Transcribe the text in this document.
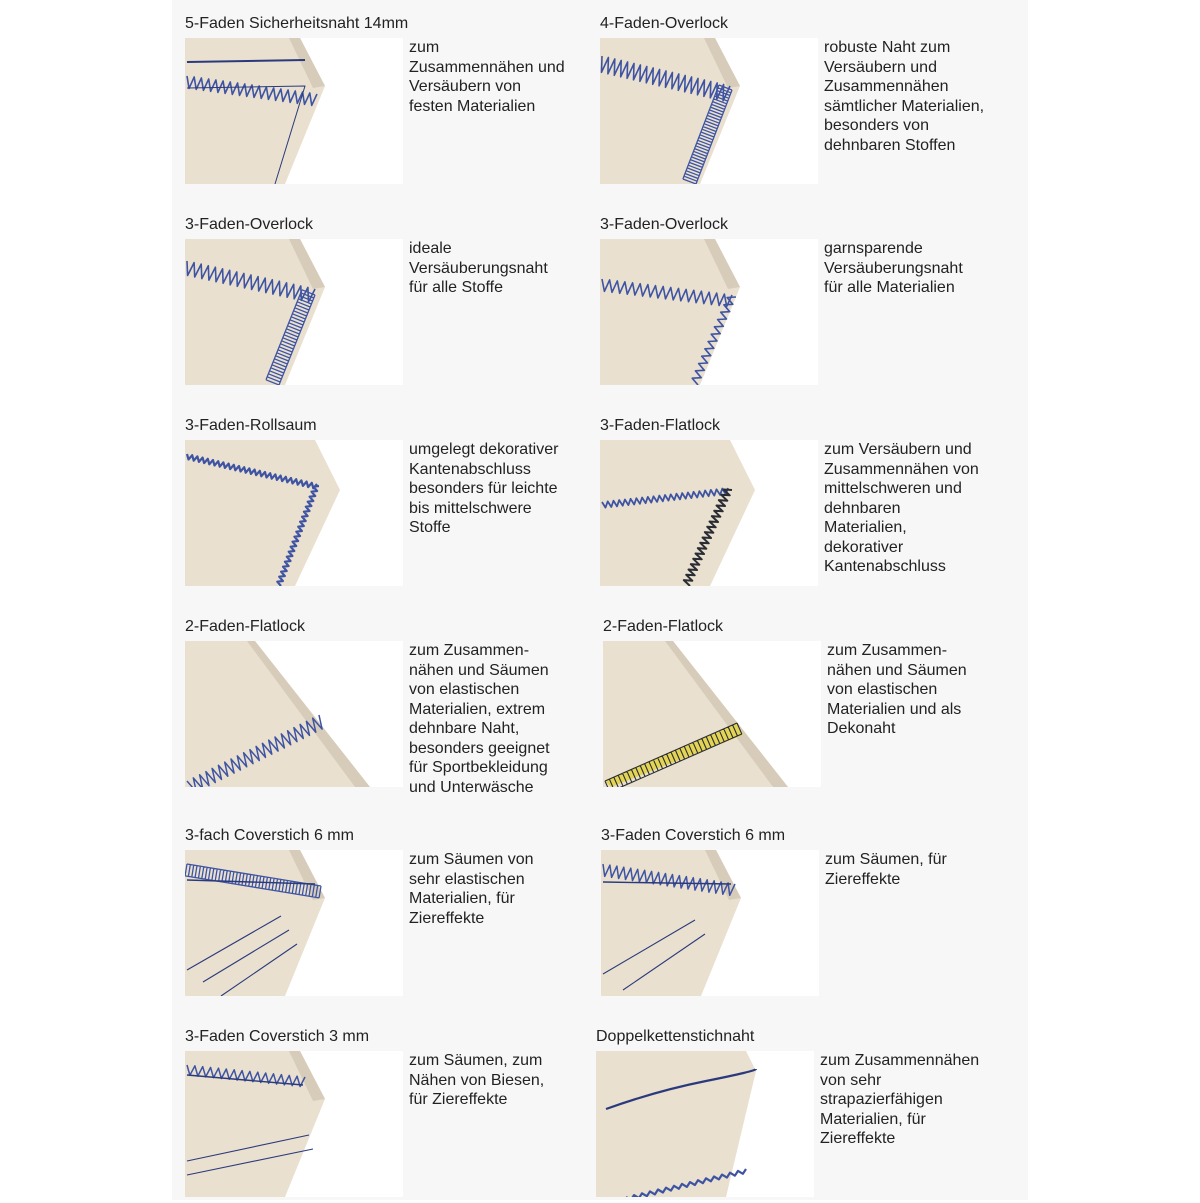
5-Faden Sicherheitsnaht 14mm
zum
Zusammennähen und
Versäubern von
festen Materialien
4-Faden-Overlock
robuste Naht zum
Versäubern und
Zusammennähen
sämtlicher Materialien,
besonders von
dehnbaren Stoffen
3-Faden-Overlock
ideale
Versäuberungsnaht
für alle Stoffe
3-Faden-Overlock
garnsparende
Versäuberungsnaht
für alle Materialien
3-Faden-Rollsaum
umgelegt dekorativer
Kantenabschluss
besonders für leichte
bis mittelschwere
Stoffe
3-Faden-Flatlock
zum Versäubern und
Zusammennähen von
mittelschweren und
dehnbaren
Materialien,
dekorativer
Kantenabschluss
2-Faden-Flatlock
zum Zusammen-
nähen und Säumen
von elastischen
Materialien, extrem
dehnbare Naht,
besonders geeignet
für Sportbekleidung
und Unterwäsche
2-Faden-Flatlock
zum Zusammen-
nähen und Säumen
von elastischen
Materialien und als
Dekonaht
3-fach Coverstich 6 mm
zum Säumen von
sehr elastischen
Materialien, für
Ziereffekte
3-Faden Coverstich 6 mm
zum Säumen, für
Ziereffekte
3-Faden Coverstich 3 mm
zum Säumen, zum
Nähen von Biesen,
für Ziereffekte
Doppelkettenstichnaht
zum Zusammennähen
von sehr
strapazierfähigen
Materialien, für
Ziereffekte
